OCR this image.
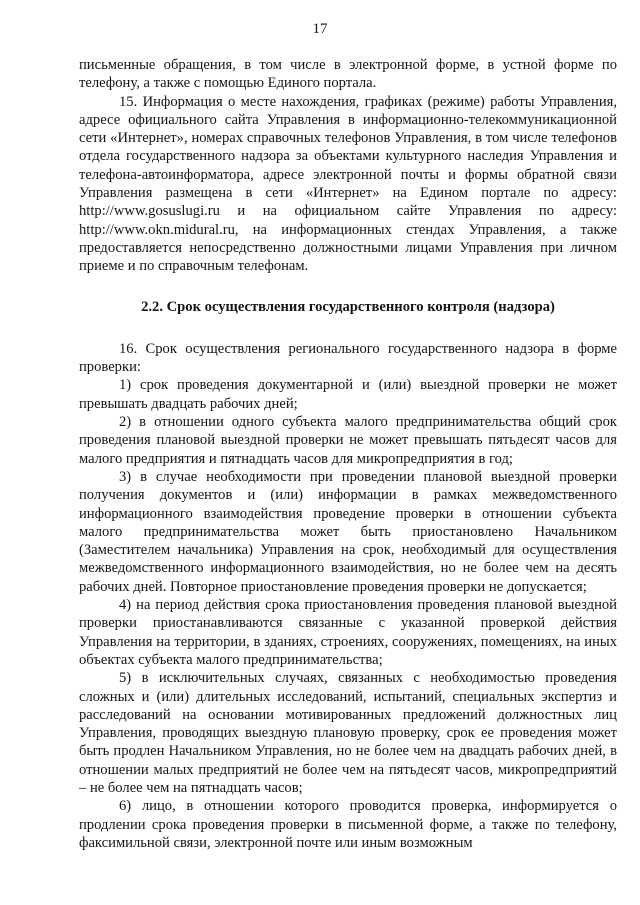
17

письменные обращения, в том числе в электронной форме, в устной форме по телефону, а также с помощью Единого портала.

15. Информация о месте нахождения, графиках (режиме) работы Управления, адресе официального сайта Управления в информационно-телекоммуникационной сети «Интернет», номерах справочных телефонов Управления, в том числе телефонов отдела государственного надзора за объектами культурного наследия Управления и телефона-автоинформатора, адресе электронной почты и формы обратной связи Управления размещена в сети «Интернет» на Едином портале по адресу: http://www.gosuslugi.ru и на официальном сайте Управления по адресу: http://www.okn.midural.ru, на информационных стендах Управления, а также предоставляется непосредственно должностными лицами Управления при личном приеме и по справочным телефонам.

2.2. Срок осуществления государственного контроля (надзора)

16. Срок осуществления регионального государственного надзора в форме проверки:

1) срок проведения документарной и (или) выездной проверки не может превышать двадцать рабочих дней;

2) в отношении одного субъекта малого предпринимательства общий срок проведения плановой выездной проверки не может превышать пятьдесят часов для малого предприятия и пятнадцать часов для микропредприятия в год;

3) в случае необходимости при проведении плановой выездной проверки получения документов и (или) информации в рамках межведомственного информационного взаимодействия проведение проверки в отношении субъекта малого предпринимательства может быть приостановлено Начальником (Заместителем начальника) Управления на срок, необходимый для осуществления межведомственного информационного взаимодействия, но не более чем на десять рабочих дней. Повторное приостановление проведения проверки не допускается;

4) на период действия срока приостановления проведения плановой выездной проверки приостанавливаются связанные с указанной проверкой действия Управления на территории, в зданиях, строениях, сооружениях, помещениях, на иных объектах субъекта малого предпринимательства;

5) в исключительных случаях, связанных с необходимостью проведения сложных и (или) длительных исследований, испытаний, специальных экспертиз и расследований на основании мотивированных предложений должностных лиц Управления, проводящих выездную плановую проверку, срок ее проведения может быть продлен Начальником Управления, но не более чем на двадцать рабочих дней, в отношении малых предприятий не более чем на пятьдесят часов, микропредприятий – не более чем на пятнадцать часов;

6) лицо, в отношении которого проводится проверка, информируется о продлении срока проведения проверки в письменной форме, а также по телефону, факсимильной связи, электронной почте или иным возможным
